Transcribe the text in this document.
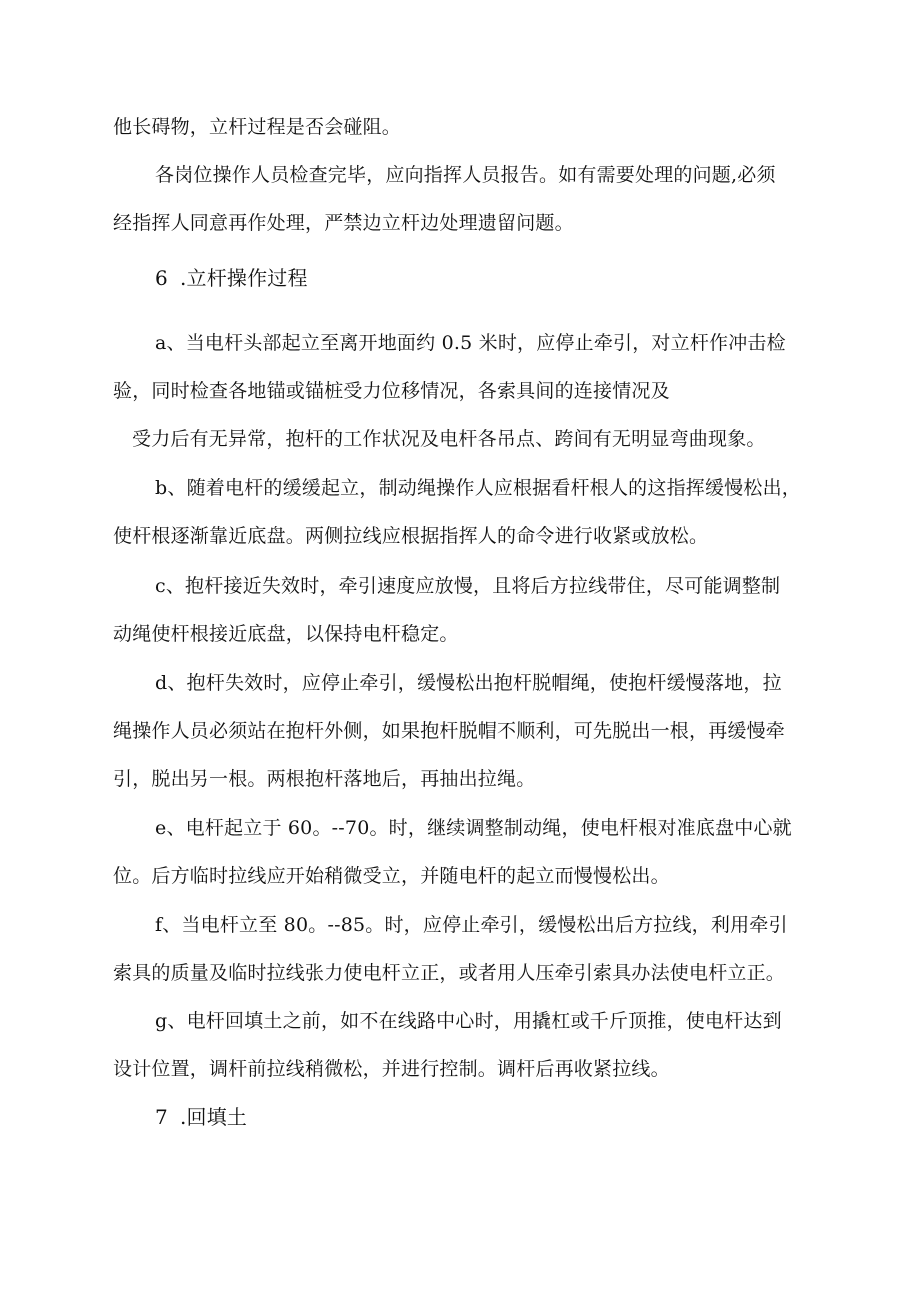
他长碍物，立杆过程是否会碰阻。
各岗位操作人员检查完毕，应向指挥人员报告。如有需要处理的问题,必须
经指挥人同意再作处理，严禁边立杆边处理遗留问题。
6 .立杆操作过程
a、当电杆头部起立至离开地面约 0.5 米时，应停止牵引，对立杆作冲击检
验，同时检查各地锚或锚桩受力位移情况，各索具间的连接情况及
受力后有无异常，抱杆的工作状况及电杆各吊点、跨间有无明显弯曲现象。
b、随着电杆的缓缓起立，制动绳操作人应根据看杆根人的这指挥缓慢松出，
使杆根逐渐靠近底盘。两侧拉线应根据指挥人的命令进行收紧或放松。
c、抱杆接近失效时，牵引速度应放慢，且将后方拉线带住，尽可能调整制
动绳使杆根接近底盘，以保持电杆稳定。
d、抱杆失效时，应停止牵引，缓慢松出抱杆脱帽绳，使抱杆缓慢落地，拉
绳操作人员必须站在抱杆外侧，如果抱杆脱帽不顺利，可先脱出一根，再缓慢牵
引，脱出另一根。两根抱杆落地后，再抽出拉绳。
e、电杆起立于 60。--70。时，继续调整制动绳，使电杆根对准底盘中心就
位。后方临时拉线应开始稍微受立，并随电杆的起立而慢慢松出。
f、当电杆立至 80。--85。时，应停止牵引，缓慢松出后方拉线，利用牵引
索具的质量及临时拉线张力使电杆立正，或者用人压牵引索具办法使电杆立正。
g、电杆回填土之前，如不在线路中心时，用撬杠或千斤顶推，使电杆达到
设计位置，调杆前拉线稍微松，并进行控制。调杆后再收紧拉线。
7 .回填土
